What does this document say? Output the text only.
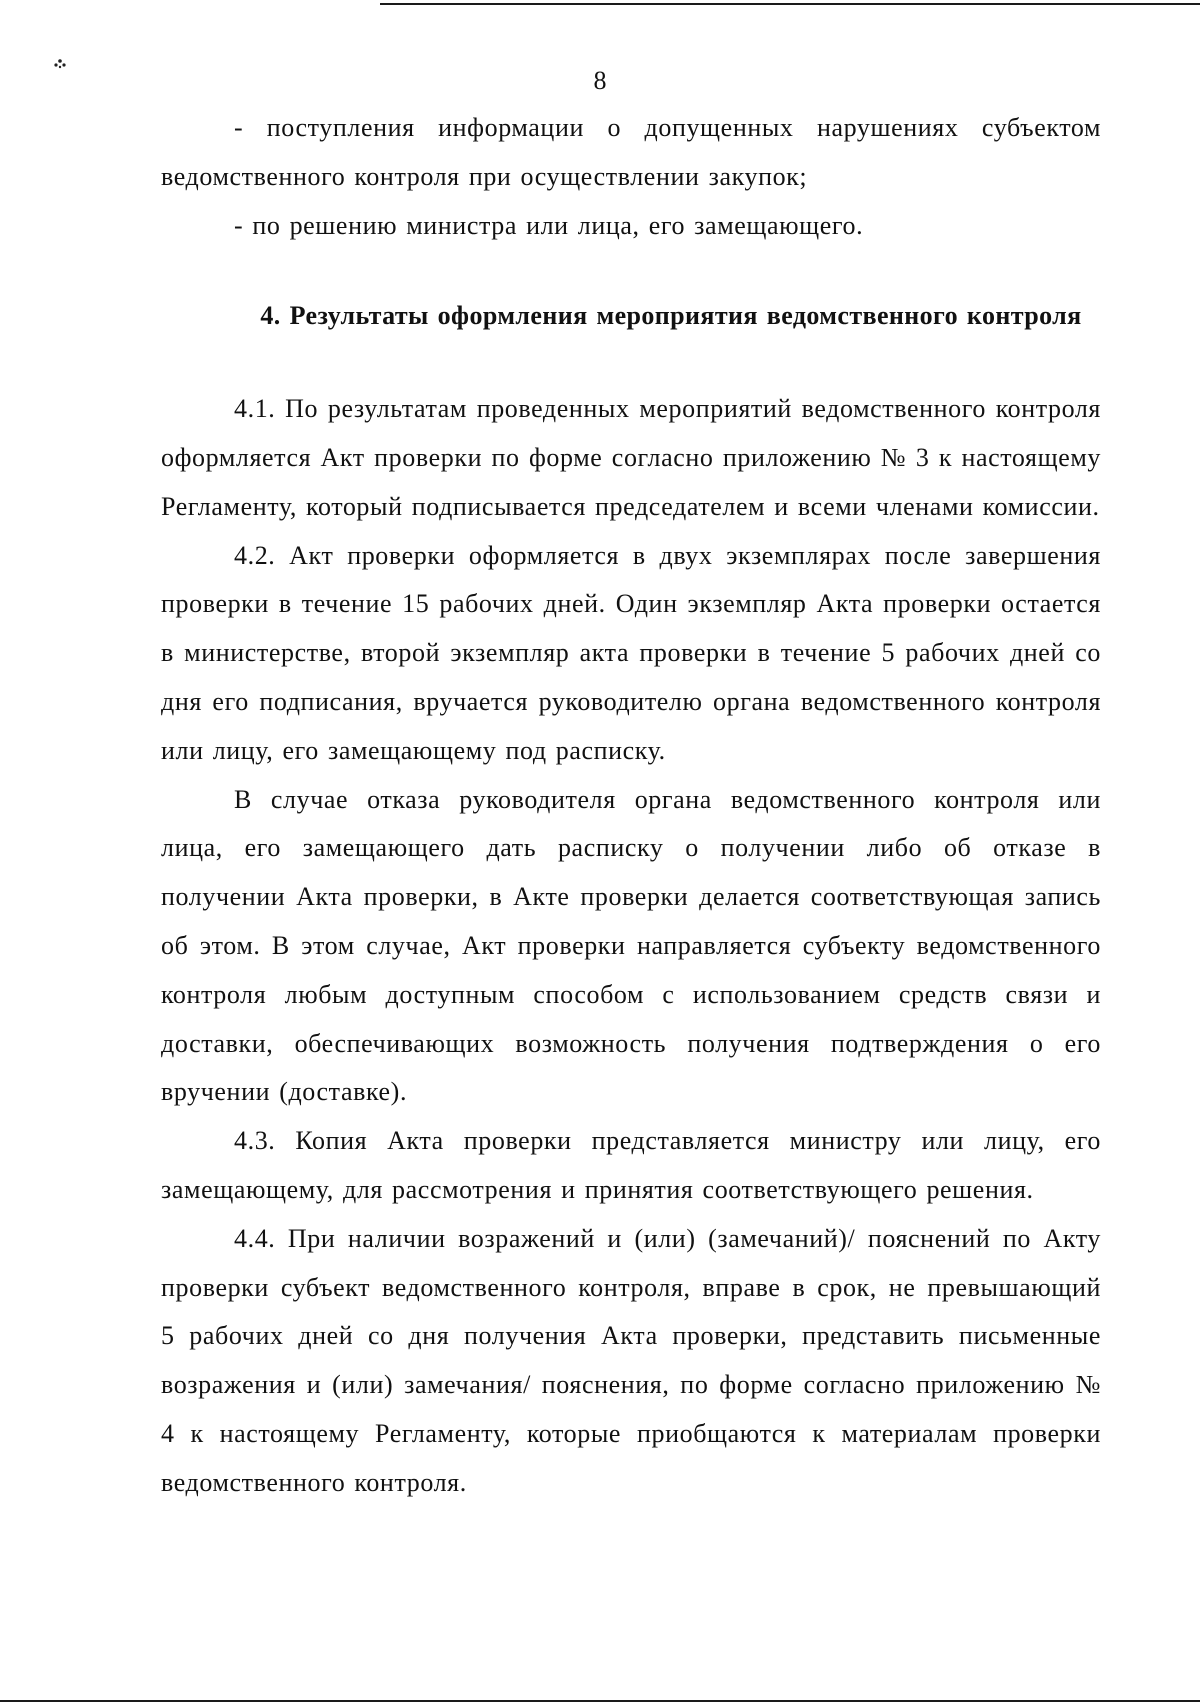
8

- поступления информации о допущенных нарушениях субъектом ведомственного контроля при осуществлении закупок;

- по решению министра или лица, его замещающего.

4. Результаты оформления мероприятия ведомственного контроля

4.1. По результатам проведенных мероприятий ведомственного контроля оформляется Акт проверки по форме согласно приложению № 3 к настоящему Регламенту, который подписывается председателем и всеми членами комиссии.

4.2. Акт проверки оформляется в двух экземплярах после завершения проверки в течение 15 рабочих дней. Один экземпляр Акта проверки остается в министерстве, второй экземпляр акта проверки в течение 5 рабочих дней со дня его подписания, вручается руководителю органа ведомственного контроля или лицу, его замещающему под расписку.

В случае отказа руководителя органа ведомственного контроля или лица, его замещающего дать расписку о получении либо об отказе в получении Акта проверки, в Акте проверки делается соответствующая запись об этом. В этом случае, Акт проверки направляется субъекту ведомственного контроля любым доступным способом с использованием средств связи и доставки, обеспечивающих возможность получения подтверждения о его вручении (доставке).

4.3. Копия Акта проверки представляется министру или лицу, его замещающему, для рассмотрения и принятия соответствующего решения.

4.4. При наличии возражений и (или) (замечаний)/ пояснений по Акту проверки субъект ведомственного контроля, вправе в срок, не превышающий 5 рабочих дней со дня получения Акта проверки, представить письменные возражения и (или) замечания/ пояснения, по форме согласно приложению № 4 к настоящему Регламенту, которые приобщаются к материалам проверки ведомственного контроля.
